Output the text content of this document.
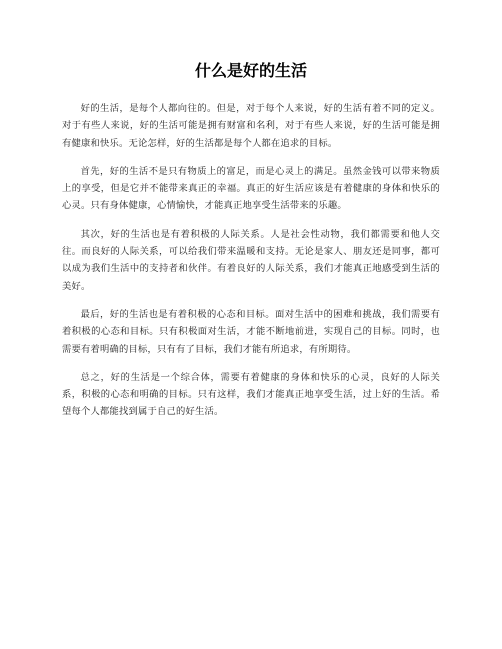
什么是好的生活

好的生活，是每个人都向往的。但是，对于每个人来说，好的生活有着不同的定义。对于有些人来说，好的生活可能是拥有财富和名利，对于有些人来说，好的生活可能是拥有健康和快乐。无论怎样，好的生活都是每个人都在追求的目标。

首先，好的生活不是只有物质上的富足，而是心灵上的满足。虽然金钱可以带来物质上的享受，但是它并不能带来真正的幸福。真正的好生活应该是有着健康的身体和快乐的心灵。只有身体健康，心情愉快，才能真正地享受生活带来的乐趣。

其次，好的生活也是有着积极的人际关系。人是社会性动物，我们都需要和他人交往。而良好的人际关系，可以给我们带来温暖和支持。无论是家人、朋友还是同事，都可以成为我们生活中的支持者和伙伴。有着良好的人际关系，我们才能真正地感受到生活的美好。

最后，好的生活也是有着积极的心态和目标。面对生活中的困难和挑战，我们需要有着积极的心态和目标。只有积极面对生活，才能不断地前进，实现自己的目标。同时，也需要有着明确的目标，只有有了目标，我们才能有所追求，有所期待。

总之，好的生活是一个综合体，需要有着健康的身体和快乐的心灵，良好的人际关系，积极的心态和明确的目标。只有这样，我们才能真正地享受生活，过上好的生活。希望每个人都能找到属于自己的好生活。
